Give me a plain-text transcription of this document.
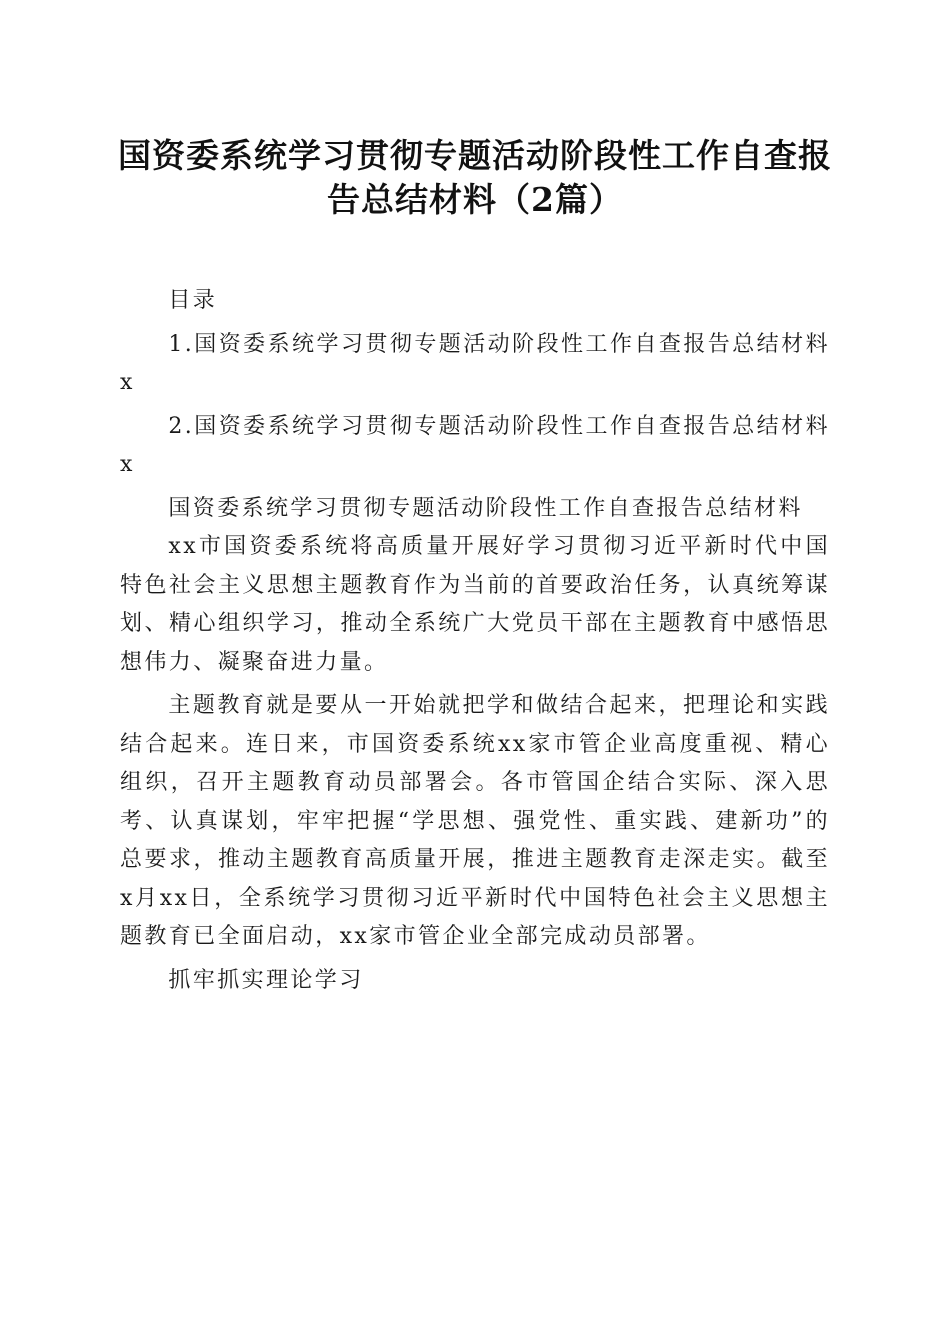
国资委系统学习贯彻专题活动阶段性工作自查报告总结材料（2篇）

目录

1.国资委系统学习贯彻专题活动阶段性工作自查报告总结材料 x

2.国资委系统学习贯彻专题活动阶段性工作自查报告总结材料 x

国资委系统学习贯彻专题活动阶段性工作自查报告总结材料

xx市国资委系统将高质量开展好学习贯彻习近平新时代中国特色社会主义思想主题教育作为当前的首要政治任务，认真统筹谋划、精心组织学习，推动全系统广大党员干部在主题教育中感悟思想伟力、凝聚奋进力量。

主题教育就是要从一开始就把学和做结合起来，把理论和实践结合起来。连日来，市国资委系统xx家市管企业高度重视、精心组织，召开主题教育动员部署会。各市管国企结合实际、深入思考、认真谋划，牢牢把握“学思想、强党性、重实践、建新功”的总要求，推动主题教育高质量开展，推进主题教育走深走实。截至x月xx日，全系统学习贯彻习近平新时代中国特色社会主义思想主题教育已全面启动，xx家市管企业全部完成动员部署。

抓牢抓实理论学习
